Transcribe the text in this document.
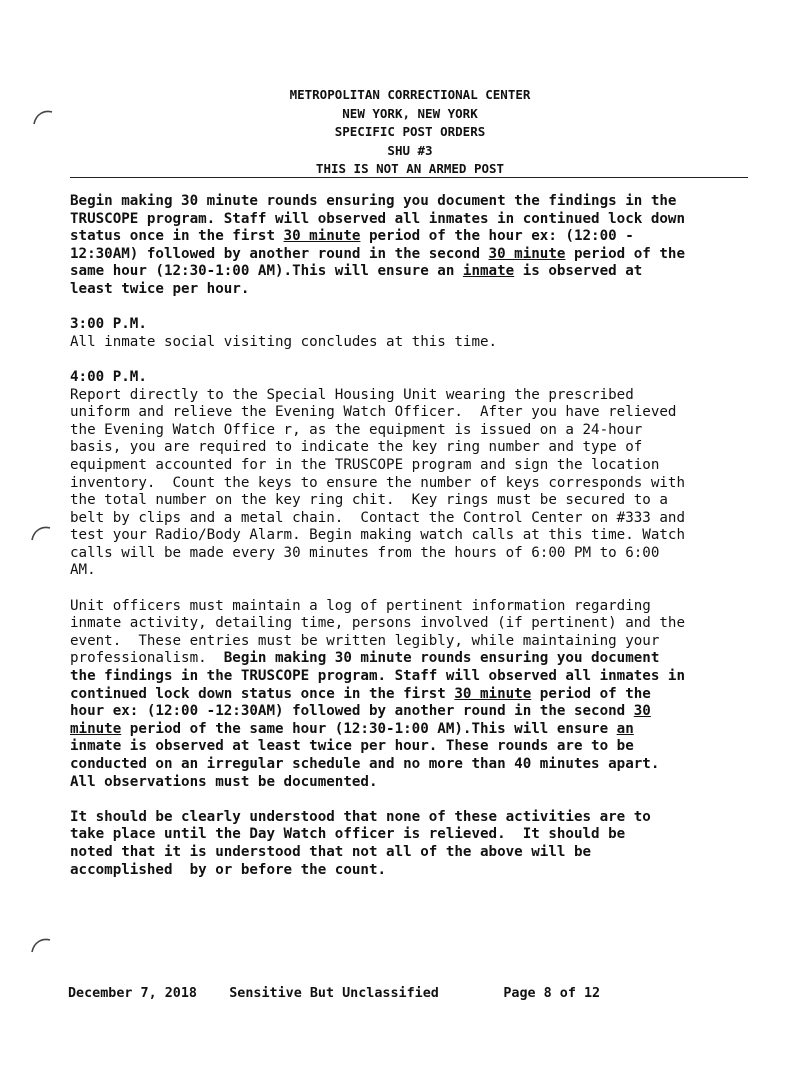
METROPOLITAN CORRECTIONAL CENTER
NEW YORK, NEW YORK
SPECIFIC POST ORDERS
SHU #3
THIS IS NOT AN ARMED POST
Begin making 30 minute rounds ensuring you document the findings in the
TRUSCOPE program. Staff will observed all inmates in continued lock down
status once in the first 30 minute period of the hour ex: (12:00 -
12:30AM) followed by another round in the second 30 minute period of the
same hour (12:30-1:00 AM).This will ensure an inmate is observed at
least twice per hour.
3:00 P.M.
All inmate social visiting concludes at this time.
4:00 P.M.
Report directly to the Special Housing Unit wearing the prescribed
uniform and relieve the Evening Watch Officer.  After you have relieved
the Evening Watch Office r, as the equipment is issued on a 24-hour
basis, you are required to indicate the key ring number and type of
equipment accounted for in the TRUSCOPE program and sign the location
inventory.  Count the keys to ensure the number of keys corresponds with
the total number on the key ring chit.  Key rings must be secured to a
belt by clips and a metal chain.  Contact the Control Center on #333 and
test your Radio/Body Alarm. Begin making watch calls at this time. Watch
calls will be made every 30 minutes from the hours of 6:00 PM to 6:00
AM.
Unit officers must maintain a log of pertinent information regarding
inmate activity, detailing time, persons involved (if pertinent) and the
event.  These entries must be written legibly, while maintaining your
professionalism.  Begin making 30 minute rounds ensuring you document
the findings in the TRUSCOPE program. Staff will observed all inmates in
continued lock down status once in the first 30 minute period of the
hour ex: (12:00 -12:30AM) followed by another round in the second 30
minute period of the same hour (12:30-1:00 AM).This will ensure an
inmate is observed at least twice per hour. These rounds are to be
conducted on an irregular schedule and no more than 40 minutes apart.
All observations must be documented.
It should be clearly understood that none of these activities are to
take place until the Day Watch officer is relieved.  It should be
noted that it is understood that not all of the above will be
accomplished  by or before the count.
December 7, 2018 Sensitive But Unclassified	Page 8 of 12
